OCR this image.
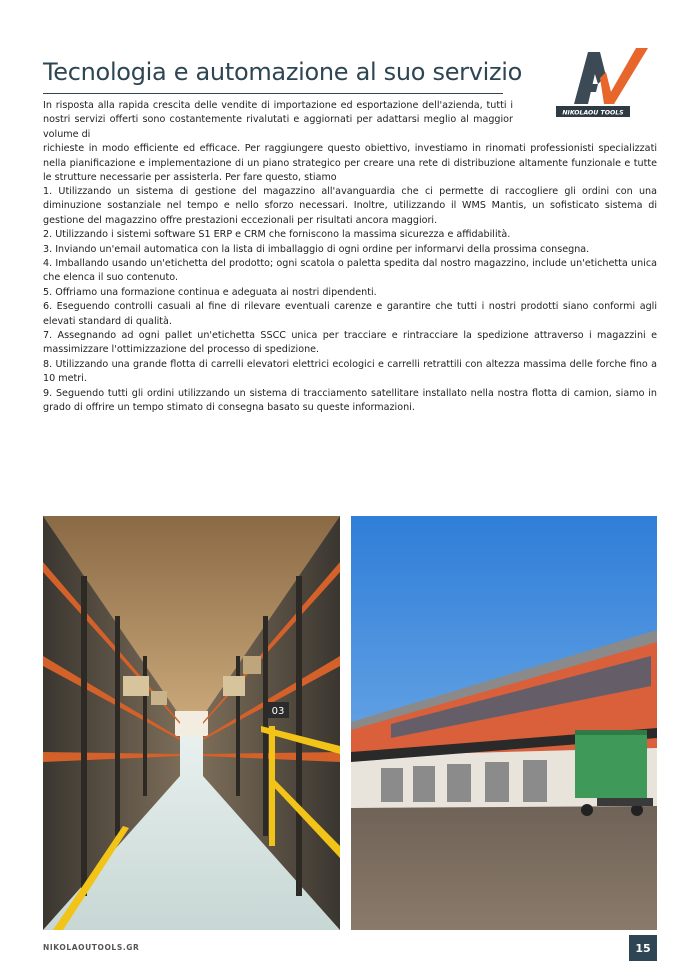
Tecnologia e automazione al suo servizio
NIKOLAOU TOOLS
In risposta alla rapida crescita delle vendite di importazione ed esportazione dell'azienda, tutti i nostri servizi offerti sono costantemente rivalutati e aggiornati per adattarsi meglio al maggior volume di
richieste in modo efficiente ed efficace. Per raggiungere questo obiettivo, investiamo in rinomati professionisti specializzati nella pianificazione e implementazione di un piano strategico per creare una rete di distribuzione altamente funzionale e tutte le strutture necessarie per assisterla. Per fare questo, stiamo

1. Utilizzando un sistema di gestione del magazzino all'avanguardia che ci permette di raccogliere gli ordini con una diminuzione sostanziale nel tempo e nello sforzo necessari. Inoltre, utilizzando il WMS Mantis, un sofisticato sistema di gestione del magazzino offre prestazioni eccezionali per risultati ancora maggiori.

2. Utilizzando i sistemi software S1 ERP e CRM che forniscono la massima sicurezza e affidabilità.

3. Inviando un'email automatica con la lista di imballaggio di ogni ordine per informarvi della prossima consegna.

4. Imballando usando un'etichetta del prodotto; ogni scatola o paletta spedita dal nostro magazzino, include un'etichetta unica che elenca il suo contenuto.

5. Offriamo una formazione continua e adeguata ai nostri dipendenti.

6. Eseguendo controlli casuali al fine di rilevare eventuali carenze e garantire che tutti i nostri prodotti siano conformi agli elevati standard di qualità.

7. Assegnando ad ogni pallet un'etichetta SSCC unica per tracciare e rintracciare la spedizione attraverso i magazzini e massimizzare l'ottimizzazione del processo di spedizione.

8. Utilizzando una grande flotta di carrelli elevatori elettrici ecologici e carrelli retrattili con altezza massima delle forche fino a 10 metri.

9. Seguendo tutti gli ordini utilizzando un sistema di tracciamento satellitare installato nella nostra flotta di camion, siamo in grado di offrire un tempo stimato di consegna basato su queste informazioni.

03
NIKOLAOUTOOLS.GR	15
